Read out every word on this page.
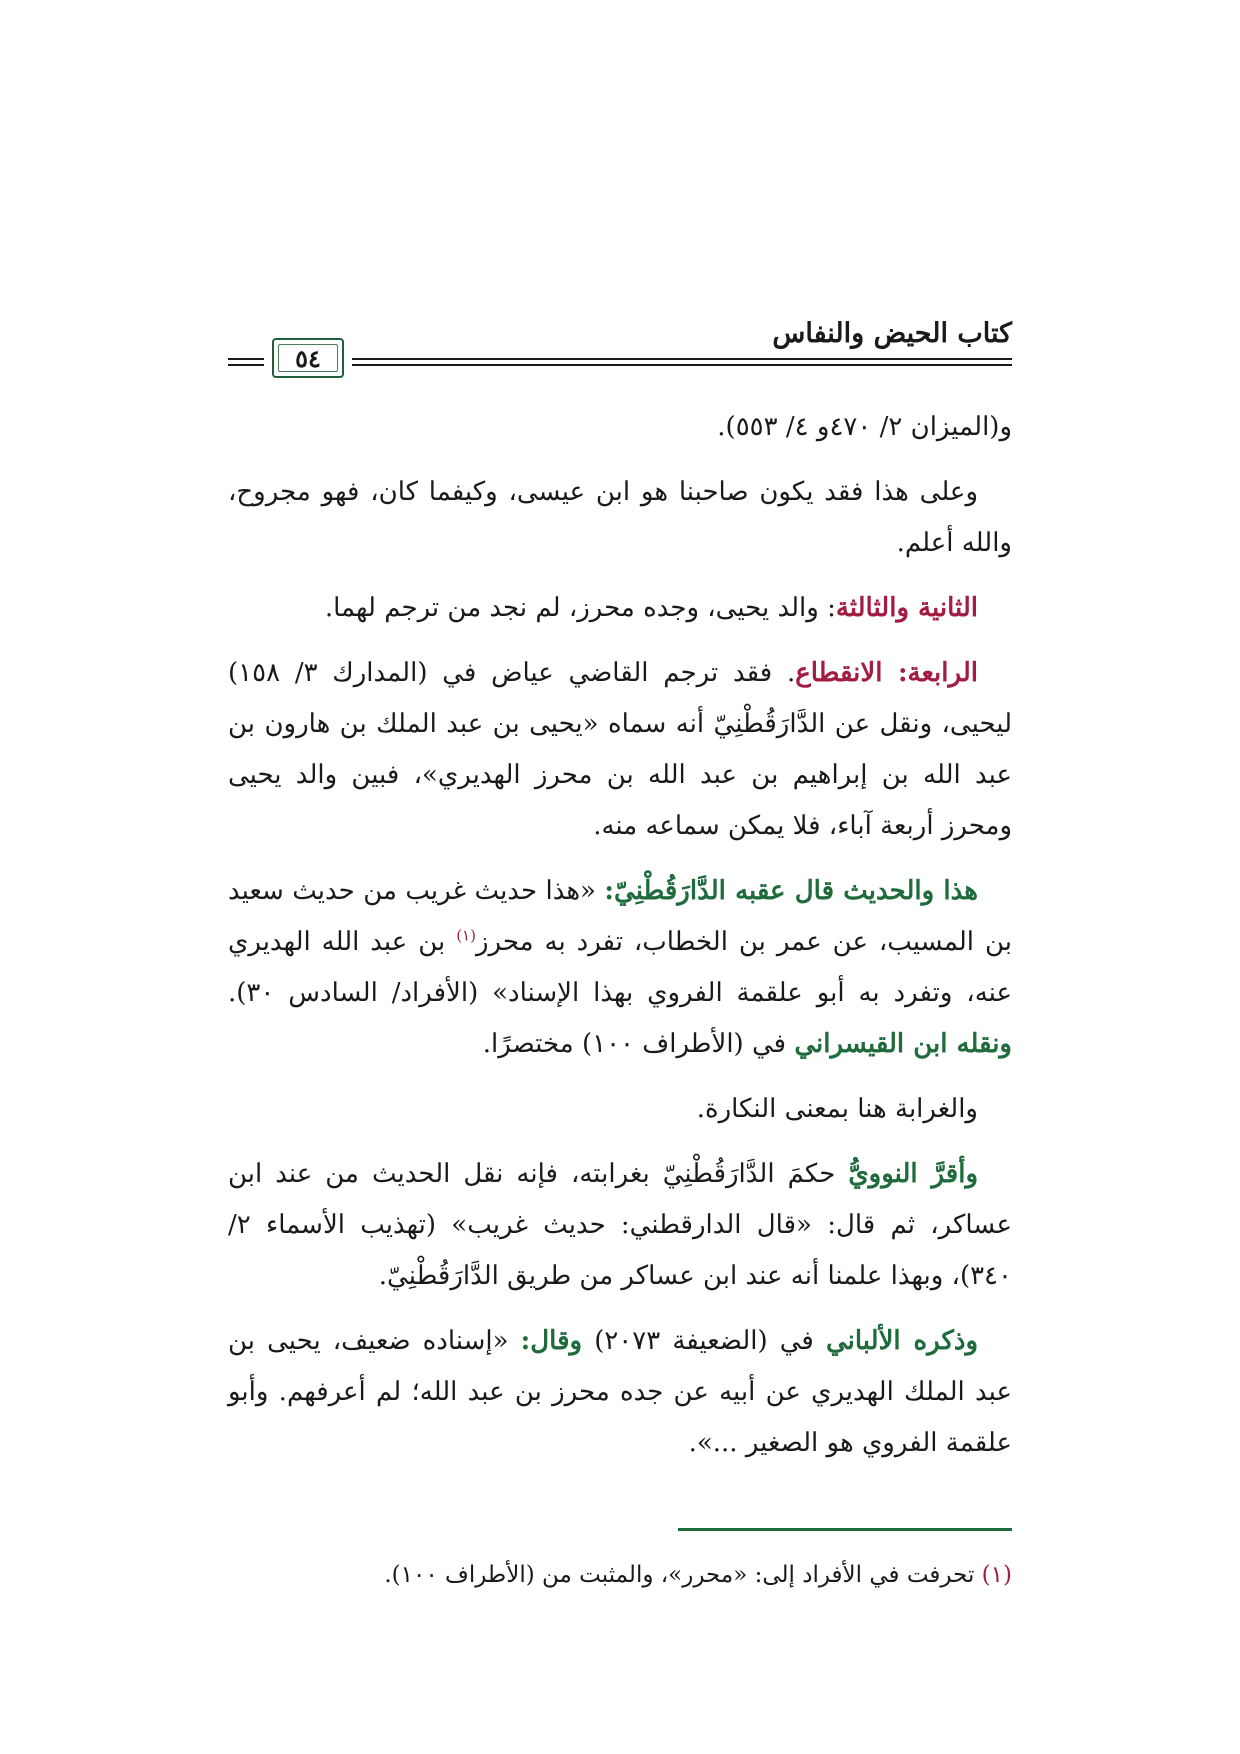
كتاب الحيض والنفاس
٥٤

و(الميزان ٢/ ٤٧٠و ٤/ ٥٥٣).

وعلى هذا فقد يكون صاحبنا هو ابن عيسى، وكيفما كان، فهو مجروح، والله أعلم.

الثانية والثالثة: والد يحيى، وجده محرز، لم نجد من ترجم لهما.

الرابعة: الانقطاع. فقد ترجم القاضي عياض في (المدارك ٣/ ١٥٨) ليحيى، ونقل عن الدَّارَقُطْنِيّ أنه سماه «يحيى بن عبد الملك بن هارون بن عبد الله بن إبراهيم بن عبد الله بن محرز الهديري»، فبين والد يحيى ومحرز أربعة آباء، فلا يمكن سماعه منه.

هذا والحديث قال عقبه الدَّارَقُطْنِيّ: «هذا حديث غريب من حديث سعيد بن المسيب، عن عمر بن الخطاب، تفرد به محرز$^{(١)}$ بن عبد الله الهديري عنه، وتفرد به أبو علقمة الفروي بهذا الإسناد» (الأفراد/ السادس ٣٠). ونقله ابن القيسراني في (الأطراف ١٠٠) مختصرًا.

والغرابة هنا بمعنى النكارة.

وأقرَّ النوويُّ حكمَ الدَّارَقُطْنِيّ بغرابته، فإنه نقل الحديث من عند ابن عساكر، ثم قال: «قال الدارقطني: حديث غريب» (تهذيب الأسماء ٢/ ٣٤٠)، وبهذا علمنا أنه عند ابن عساكر من طريق الدَّارَقُطْنِيّ.

وذكره الألباني في (الضعيفة ٢٠٧٣) وقال: «إسناده ضعيف، يحيى بن عبد الملك الهديري عن أبيه عن جده محرز بن عبد الله؛ لم أعرفهم. وأبو علقمة الفروي هو الصغير ...».

(١) تحرفت في الأفراد إلى: «محرر»، والمثبت من (الأطراف ١٠٠).
